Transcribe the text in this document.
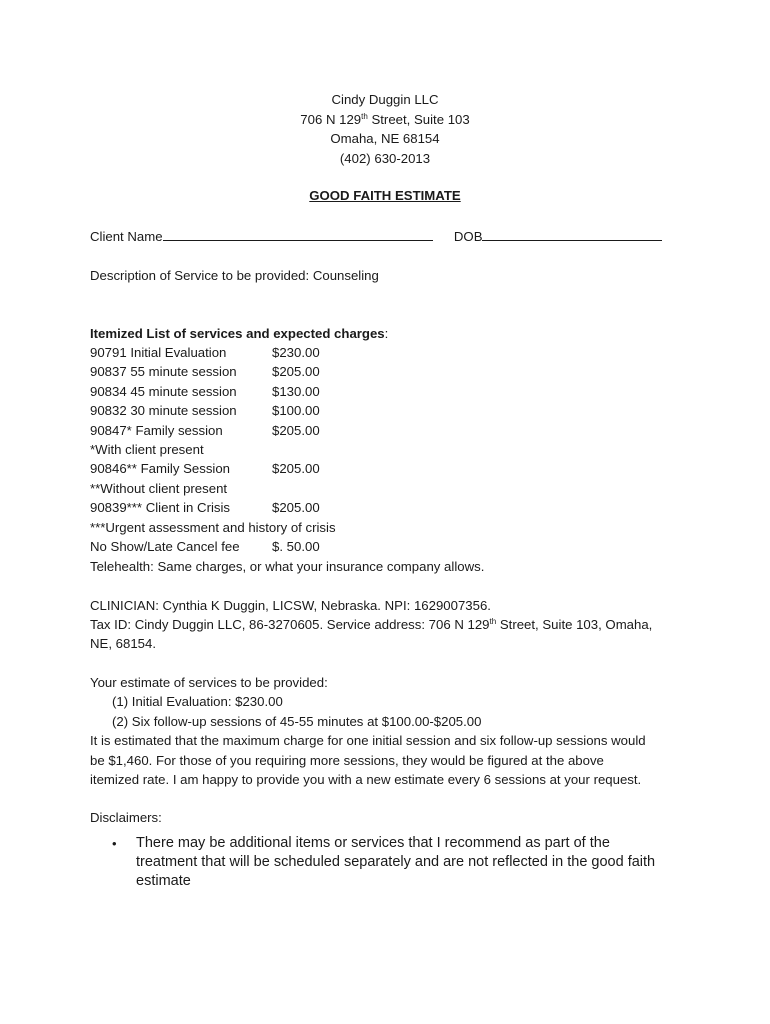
Cindy Duggin LLC
706 N 129th Street, Suite 103
Omaha, NE 68154
(402) 630-2013
GOOD FAITH ESTIMATE
Client Name	DOB
Description of Service to be provided: Counseling
Itemized List of services and expected charges:
90791 Initial Evaluation	$230.00
90837 55 minute session	$205.00
90834 45 minute session	$130.00
90832 30 minute session	$100.00
90847* Family session	$205.00
*With client present
90846** Family Session	$205.00
**Without client present
90839*** Client in Crisis	$205.00
***Urgent assessment and history of crisis
No Show/Late Cancel fee $. 50.00
Telehealth: Same charges, or what your insurance company allows.
CLINICIAN: Cynthia K Duggin, LICSW, Nebraska. NPI: 1629007356.
Tax ID: Cindy Duggin LLC, 86-3270605. Service address: 706 N 129th Street, Suite 103, Omaha,
NE, 68154.
Your estimate of services to be provided:
(1) Initial Evaluation: $230.00
(2) Six follow-up sessions of 45-55 minutes at $100.00-$205.00
It is estimated that the maximum charge for one initial session and six follow-up sessions would
be $1,460. For those of you requiring more sessions, they would be figured at the above
itemized rate. I am happy to provide you with a new estimate every 6 sessions at your request.
Disclaimers:
• There may be additional items or services that I recommend as part of the
treatment that will be scheduled separately and are not reflected in the good faith
estimate
